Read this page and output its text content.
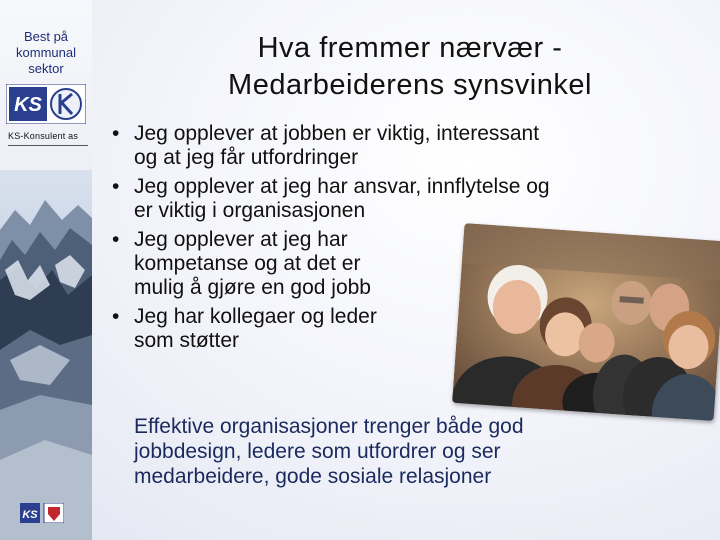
Best på
kommunal
sektor
KS
KS-Konsulent as
KS
Hva fremmer nærvær -
Medarbeiderens synsvinkel
• Jeg opplever at jobben er viktig, interessant
og at jeg får utfordringer
• Jeg opplever at jeg har ansvar, innflytelse og
er viktig i organisasjonen
• Jeg opplever at jeg har
kompetanse og at det er
mulig å gjøre en god jobb
• Jeg har kollegaer og leder
som støtter
Effektive organisasjoner trenger både god
jobbdesign, ledere som utfordrer og ser
medarbeidere, gode sosiale relasjoner
